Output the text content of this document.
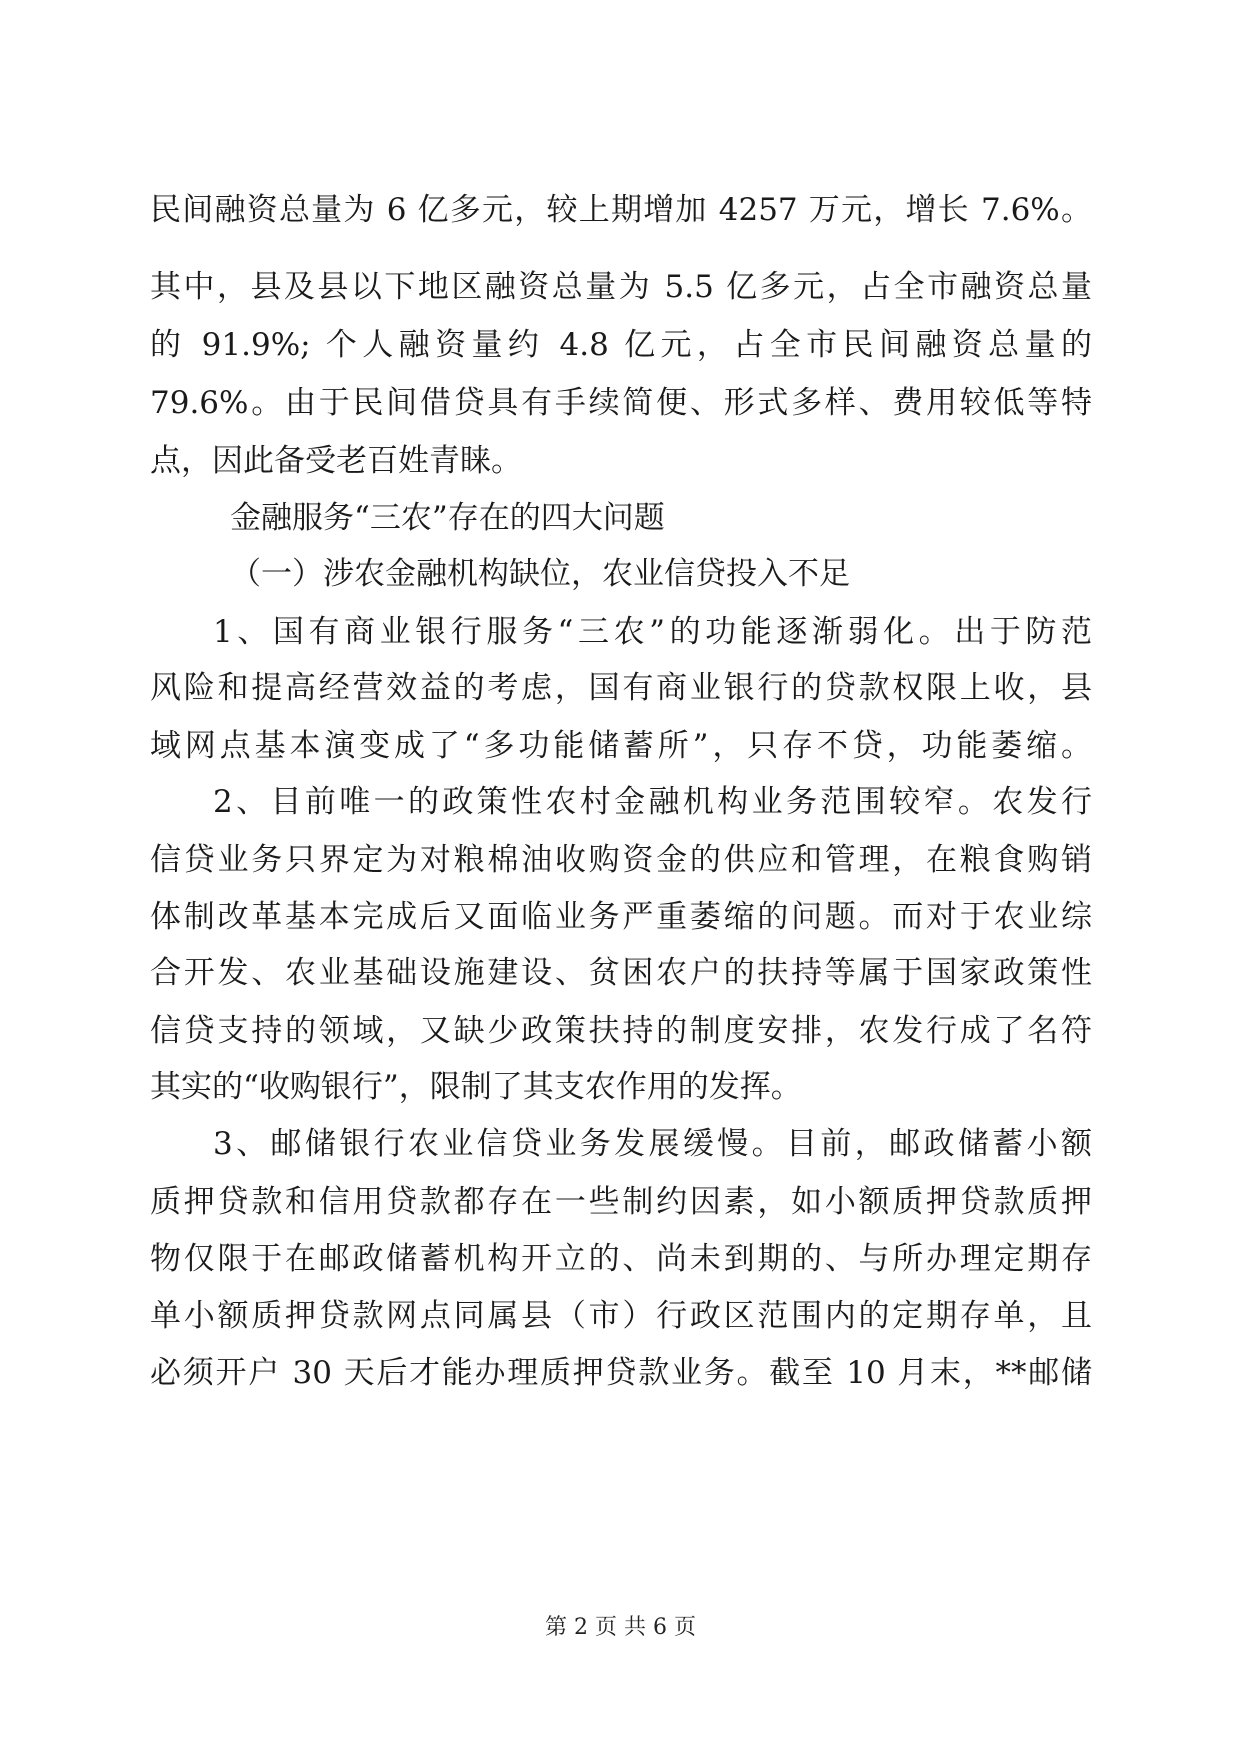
民间融资总量为 6 亿多元，较上期增加 4257 万元，增长 7.6%。
其中，县及县以下地区融资总量为 5.5 亿多元，占全市融资总量
的 91.9%; 个人融资量约 4.8 亿元，占全市民间融资总量的
79.6%。由于民间借贷具有手续简便、形式多样、费用较低等特
点，因此备受老百姓青睐。
金融服务“三农”存在的四大问题
（一）涉农金融机构缺位，农业信贷投入不足
1、国有商业银行服务“三农”的功能逐渐弱化。出于防范
风险和提高经营效益的考虑，国有商业银行的贷款权限上收，县
域网点基本演变成了“多功能储蓄所”，只存不贷，功能萎缩。
2、目前唯一的政策性农村金融机构业务范围较窄。农发行
信贷业务只界定为对粮棉油收购资金的供应和管理，在粮食购销
体制改革基本完成后又面临业务严重萎缩的问题。而对于农业综
合开发、农业基础设施建设、贫困农户的扶持等属于国家政策性
信贷支持的领域，又缺少政策扶持的制度安排，农发行成了名符
其实的“收购银行”，限制了其支农作用的发挥。
3、邮储银行农业信贷业务发展缓慢。目前，邮政储蓄小额
质押贷款和信用贷款都存在一些制约因素，如小额质押贷款质押
物仅限于在邮政储蓄机构开立的、尚未到期的、与所办理定期存
单小额质押贷款网点同属县（市）行政区范围内的定期存单，且
必须开户 30 天后才能办理质押贷款业务。截至 10 月末，**邮储
第 2 页 共 6 页
